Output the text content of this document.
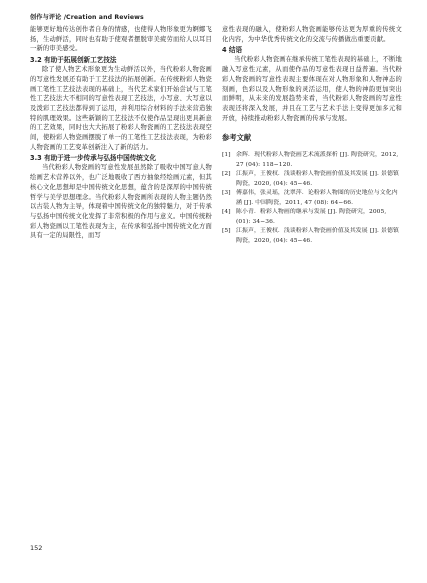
创作与评论 /Creation and Reviews

能够更好地传达创作者自身的情感，也使得人物形象更为婀娜飞扬，生动鲜活，同时也有助于使观者摆脱审美疲劳而给人以耳目一新的审美感受。

3.2 有助于拓展创新工艺技法

除了使人物艺术形象更为生动鲜活以外，当代粉彩人物瓷画的写意性发展还有助于工艺技法的拓展创新。在传统粉彩人物瓷画工笔性工艺技法表现的基础上，当代艺术家们开始尝试与工笔性工艺技法大不相同的写意性表现工艺技法，小写意、大写意以及泼彩工艺技法都得到了运用，并利用综合材料的手法来营造独特的肌理效果。这些新颖的工艺技法不仅使作品呈现出更具新意的工艺效果，同时也大大拓展了粉彩人物瓷画的工艺技法表现空间，使粉彩人物瓷画摆脱了单一的工笔性工艺技法表现，为粉彩人物瓷画的工艺变革创新注入了新的活力。

3.3 有助于进一步传承与弘扬中国传统文化

当代粉彩人物瓷画的写意性发展虽然除了吸收中国写意人物绘画艺术营养以外，也广泛地吸收了西方抽象经绘画元素，但其核心文化思想却是中国传统文化思想，蕴含的是深厚的中国传统哲学与美学思想理念。当代粉彩人物瓷画所表现的人物主题仍然以古装人物为主导，体现着中国传统文化的独特魅力，对于传承与弘扬中国传统文化发挥了非常积极的作用与意义。中国传统粉彩人物瓷画以工笔性表现为主，在传承和弘扬中国传统文化方面具有一定的局限性，而写

意性表现的融入，使粉彩人物瓷画能够传达更为厚重的传统文化内容，为中华优秀传统文化的交流与传播做出重要贡献。

4 结语

当代粉彩人物瓷画在继承传统工笔性表现的基础上，不断地融入写意性元素，从而使作品的写意性表现日益普遍。当代粉彩人物瓷画的写意性表现主要体现在对人物形象和人物神态的刻画，色彩以及人物形象的灵活运用，使人物的神韵更加突出而鲜明，从未来的发展趋势来看，当代粉彩人物瓷画的写意性表现还将深入发展，并且在工艺与艺术手法上变得更加多元和开放，持续推动粉彩人物瓷画的传承与发展。

参考文献
[1] 余辉．现代粉彩人物瓷画艺术流派探析 [J]. 陶瓷研究，2012, 27 (04): 118−120.
[2] 江振声，王俊权．浅谈粉彩人物瓷画价值及其发展 [J]. 景德镇陶瓷，2020, (04): 45−46.
[3] 傅嘉伟，张灵瑶，沈翠萍．论粉彩人物图的历史地位与文化内涵 [J]. 中国陶瓷，2011, 47 (08): 64−66.
[4] 陈小青．粉彩人物画的继承与发展 [J]. 陶瓷研究，2005, (01): 34−36.
[5] 江振声，王俊权．浅谈粉彩人物瓷画价值及其发展 [J]. 景德镇陶瓷，2020, (04): 45−46.
152
